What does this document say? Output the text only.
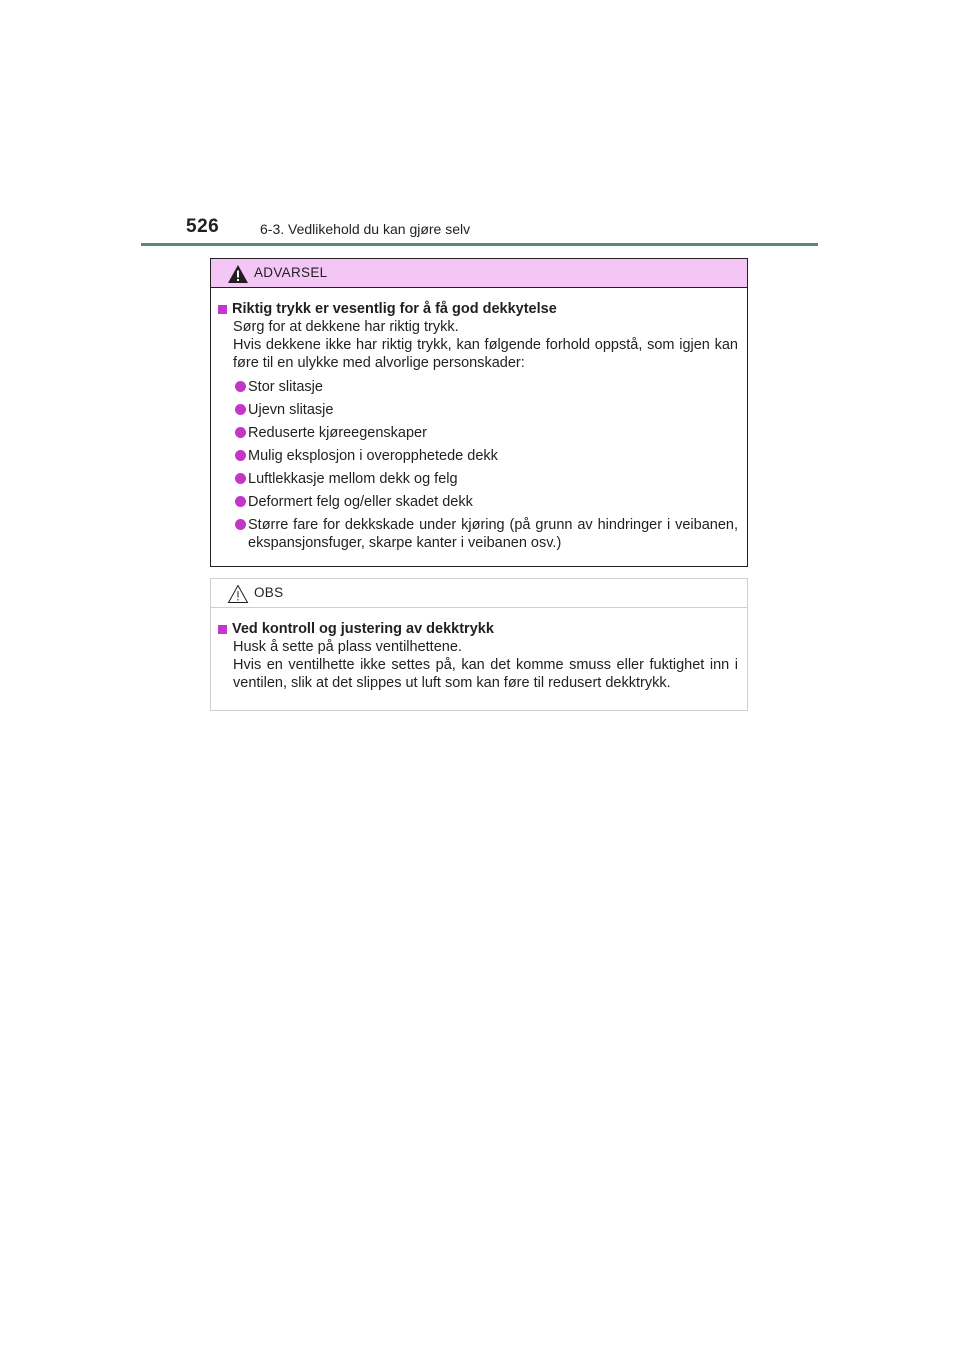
526	6-3. Vedlikehold du kan gjøre selv
ADVARSEL
Riktig trykk er vesentlig for å få god dekkytelse
Sørg for at dekkene har riktig trykk.
Hvis dekkene ikke har riktig trykk, kan følgende forhold oppstå, som igjen kan føre til en ulykke med alvorlige personskader:
Stor slitasje
Ujevn slitasje
Reduserte kjøreegenskaper
Mulig eksplosjon i overopphetede dekk
Luftlekkasje mellom dekk og felg
Deformert felg og/eller skadet dekk
Større fare for dekkskade under kjøring (på grunn av hindringer i veibanen, ekspansjonsfuger, skarpe kanter i veibanen osv.)
OBS
Ved kontroll og justering av dekktrykk
Husk å sette på plass ventilhettene.
Hvis en ventilhette ikke settes på, kan det komme smuss eller fuktighet inn i ventilen, slik at det slippes ut luft som kan føre til redusert dekktrykk.
